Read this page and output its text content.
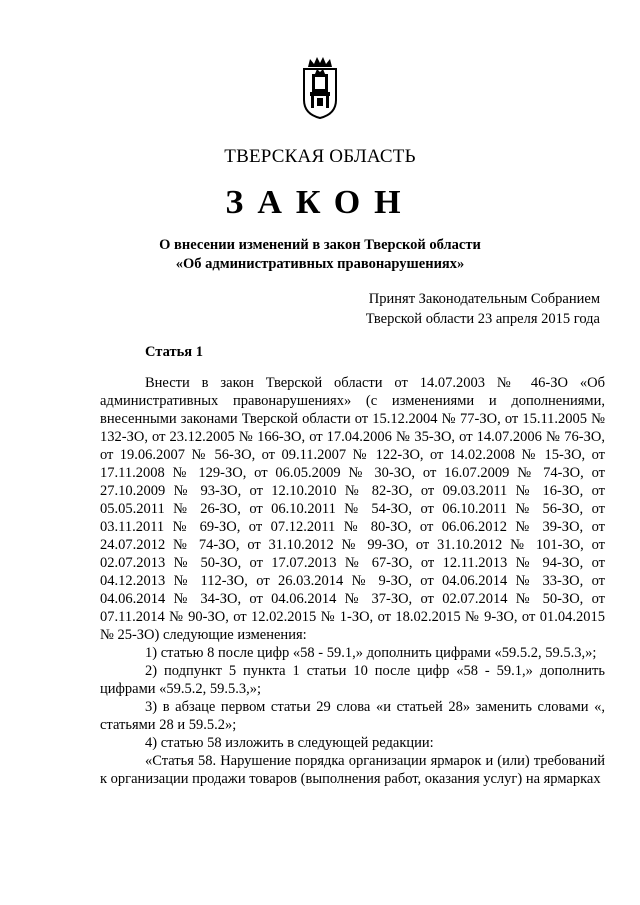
ТВЕРСКАЯ ОБЛАСТЬ
ЗАКОН
О внесении изменений в закон Тверской области
«Об административных правонарушениях»
Принят Законодательным Собранием
Тверской области 23 апреля 2015 года
Статья 1

Внести в закон Тверской области от 14.07.2003 № 46-ЗО «Об административных правонарушениях» (с изменениями и дополнениями, внесенными законами Тверской области от 15.12.2004 № 77-ЗО, от 15.11.2005 № 132-ЗО, от 23.12.2005 № 166-ЗО, от 17.04.2006 № 35-ЗО, от 14.07.2006 № 76-ЗО, от 19.06.2007 № 56-ЗО, от 09.11.2007 № 122-ЗО, от 14.02.2008 № 15-ЗО, от 17.11.2008 № 129-ЗО, от 06.05.2009 № 30-ЗО, от 16.07.2009 № 74-ЗО, от 27.10.2009 № 93-ЗО, от 12.10.2010 № 82-ЗО, от 09.03.2011 № 16-ЗО, от 05.05.2011 № 26-ЗО, от 06.10.2011 № 54-ЗО, от 06.10.2011 № 56-ЗО, от 03.11.2011 № 69-ЗО, от 07.12.2011 № 80-ЗО, от 06.06.2012 № 39-ЗО, от 24.07.2012 № 74-ЗО, от 31.10.2012 № 99-ЗО, от 31.10.2012 № 101-ЗО, от 02.07.2013 № 50-ЗО, от 17.07.2013 № 67-ЗО, от 12.11.2013 № 94-ЗО, от 04.12.2013 № 112-ЗО, от 26.03.2014 № 9-ЗО, от 04.06.2014 № 33-ЗО, от 04.06.2014 № 34-ЗО, от 04.06.2014 № 37-ЗО, от 02.07.2014 № 50-ЗО, от 07.11.2014 № 90-ЗО, от 12.02.2015 № 1-ЗО, от 18.02.2015 № 9-ЗО, от 01.04.2015 № 25-ЗО) следующие изменения:

1) статью 8 после цифр «58 - 59.1,» дополнить цифрами «59.5.2, 59.5.3,»;

2) подпункт 5 пункта 1 статьи 10 после цифр «58 - 59.1,» дополнить цифрами «59.5.2, 59.5.3,»;

3) в абзаце первом статьи 29 слова «и статьей 28» заменить словами «, статьями 28 и 59.5.2»;

4) статью 58 изложить в следующей редакции:

«Статья 58. Нарушение порядка организации ярмарок и (или) требований к организации продажи товаров (выполнения работ, оказания услуг) на ярмарках
